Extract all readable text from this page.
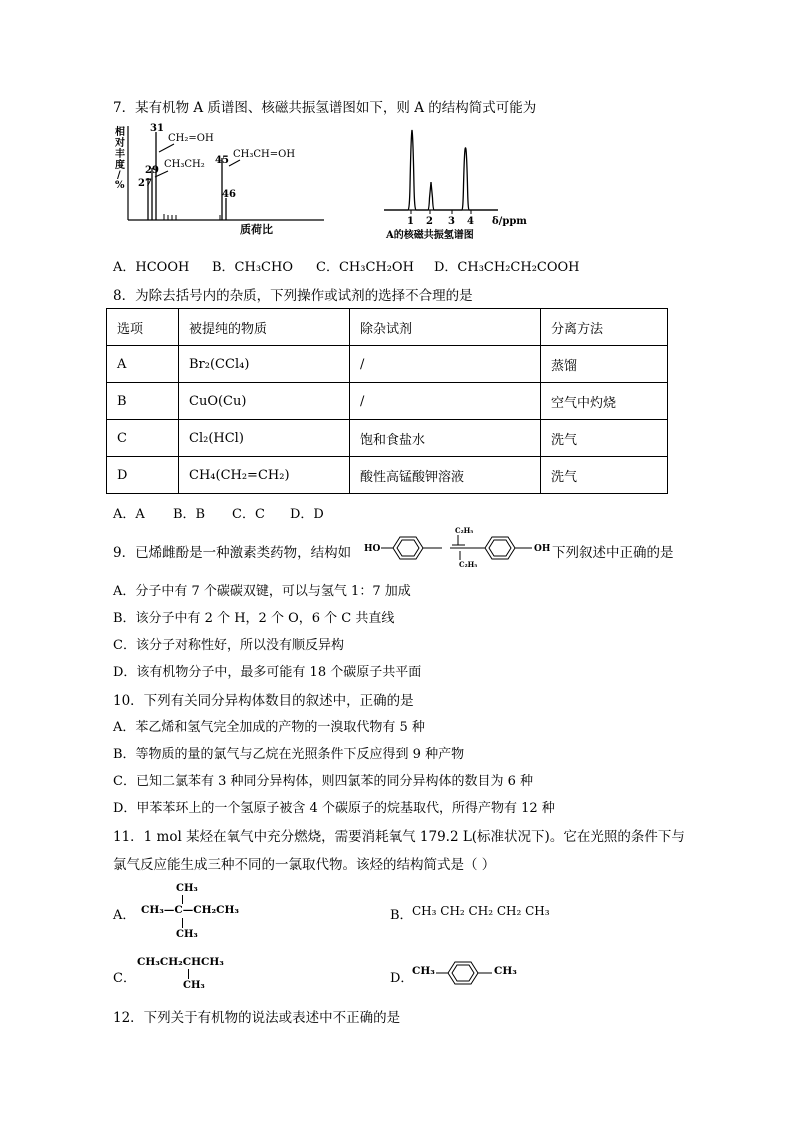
7．某有机物 A 质谱图、核磁共振氢谱图如下，则 A 的结构简式可能为
相
对
丰
度
/
% 27
29
31
45
46
CH₂=OH
CH₃CH₂
CH₃CH=OH
质荷比
1 2 3 4 δ/ppm
A的核磁共振氢谱图
A．HCOOH B．CH₃CHO C．CH₃CH₂OH D．CH₃CH₂CH₂COOH
8．为除去括号内的杂质，下列操作或试剂的选择不合理的是
选项	被提纯的物质	除杂试剂	分离方法
A	Br₂(CCl₄)	/	蒸馏
B	CuO(Cu)	/	空气中灼烧
C	Cl₂(HCl)	饱和食盐水	洗气
D	CH₄(CH₂=CH₂)	酸性高锰酸钾溶液	洗气
A．A B．B C．C D．D
9．已烯雌酚是一种激素类药物，结构如 HO	OH
C₂H₅
C₂H₅
下列叙述中正确的是
A．分子中有 7 个碳碳双键，可以与氢气 1：7 加成
B．该分子中有 2 个 H，2 个 O，6 个 C 共直线
C．该分子对称性好，所以没有顺反异构
D．该有机物分子中，最多可能有 18 个碳原子共平面
10．下列有关同分异构体数目的叙述中，正确的是
A．苯乙烯和氢气完全加成的产物的一溴取代物有 5 种
B．等物质的量的氯气与乙烷在光照条件下反应得到 9 种产物
C．已知二氯苯有 3 种同分异构体，则四氯苯的同分异构体的数目为 6 种
D．甲苯苯环上的一个氢原子被含 4 个碳原子的烷基取代，所得产物有 12 种
11．1 mol 某烃在氧气中充分燃烧，需要消耗氧气 179.2 L(标准状况下)。它在光照的条件下与
氯气反应能生成三种不同的一氯取代物。该烃的结构简式是（ ）
A．
CH₃
CH₃—C—CH₂CH₃
CH₃
B． CH₃ CH₂ CH₂ CH₂ CH₃
C．
CH₃CH₂CHCH₃
CH₃	D．
CH₃	CH₃
12．下列关于有机物的说法或表述中不正确的是
